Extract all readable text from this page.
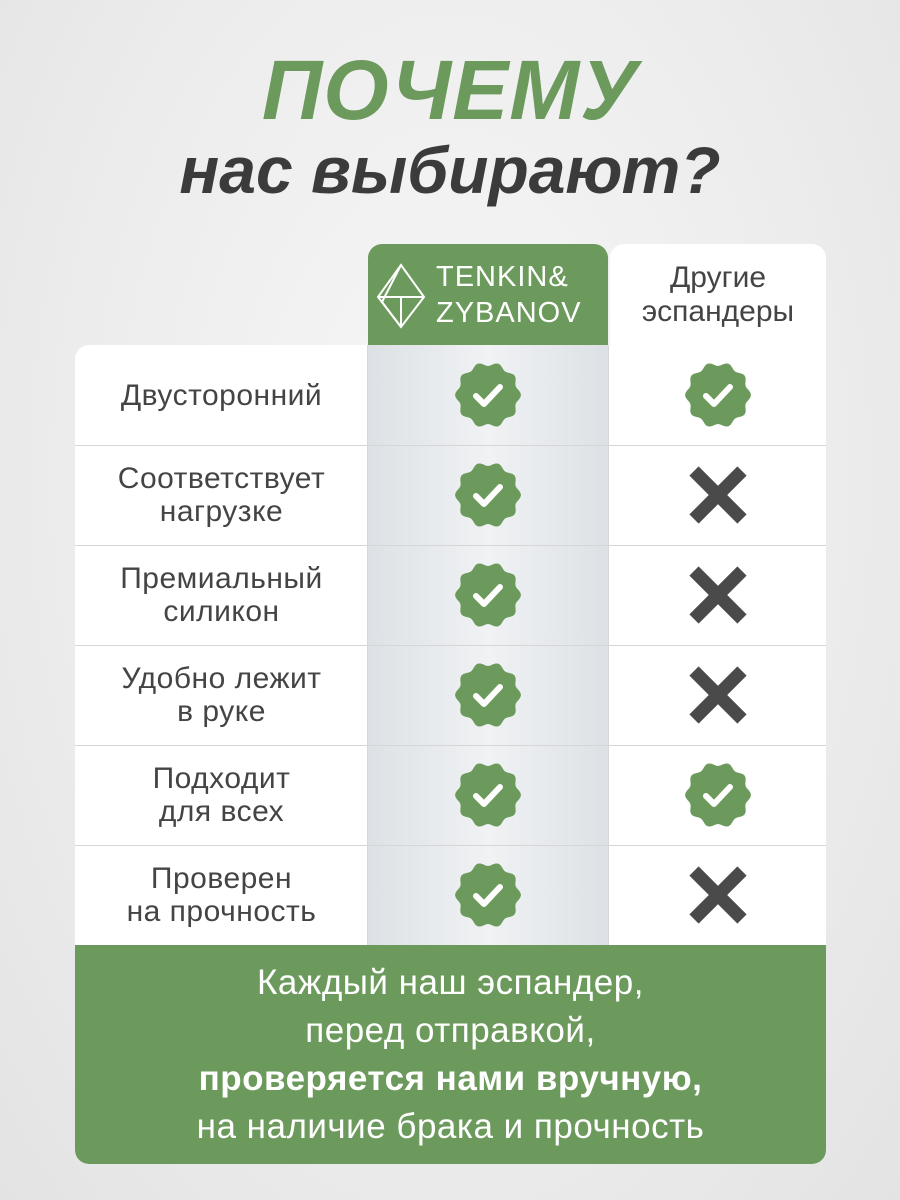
ПОЧЕМУ
нас выбирают?
TENKIN&
ZYBANOV
Другие
эспандеры
Двусторонний
Соответствует
нагрузке
Премиальный
силикон
Удобно лежит
в руке
Подходит
для всех
Проверен
на прочность
Каждый наш эспандер,
перед отправкой,
проверяется нами вручную,
на наличие брака и прочность
